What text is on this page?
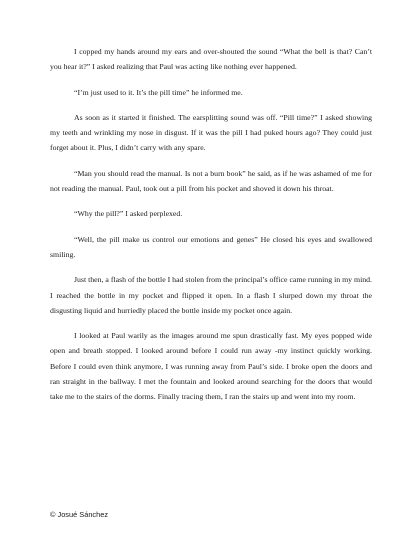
I copped my hands around my ears and over-shouted the sound “What the bell is that? Can’t you hear it?” I asked realizing that Paul was acting like nothing ever happened.

“I’m just used to it. It’s the pill time” he informed me.

As soon as it started it finished. The earsplitting sound was off. “Pill time?” I asked showing my teeth and wrinkling my nose in disgust. If it was the pill I had puked hours ago? They could just forget about it. Plus, I didn’t carry with any spare.

“Man you should read the manual. Is not a burn book” he said, as if he was ashamed of me for not reading the manual. Paul, took out a pill from his pocket and shoved it down his throat.

“Why the pill?” I asked perplexed.

“Well, the pill make us control our emotions and genes” He closed his eyes and swallowed smiling.

Just then, a flash of the bottle I had stolen from the principal’s office came running in my mind. I reached the bottle in my pocket and flipped it open. In a flash I slurped down my throat the disgusting liquid and hurriedly placed the bottle inside my pocket once again.

I looked at Paul warily as the images around me spun drastically fast. My eyes popped wide open and breath stopped. I looked around before I could run away -my instinct quickly working. Before I could even think anymore, I was running away from Paul’s side. I broke open the doors and ran straight in the ballway. I met the fountain and looked around searching for the doors that would take me to the stairs of the dorms. Finally tracing them, I ran the stairs up and went into my room.

© Josué Sánchez
